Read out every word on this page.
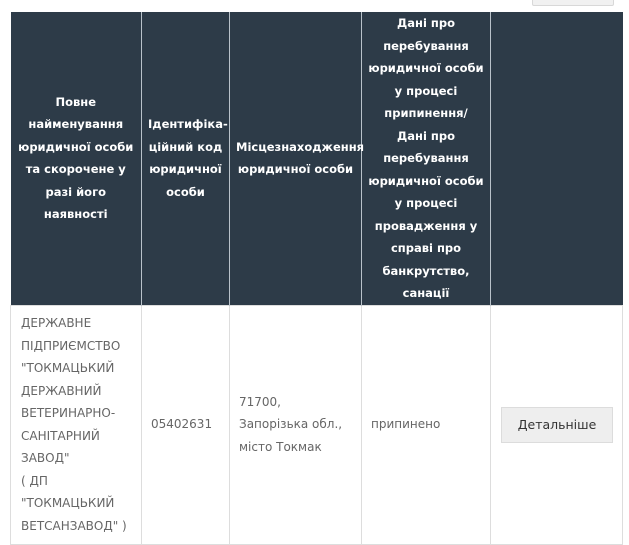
Повне найменування юридичної особи та скорочене у разі його наявності	Ідентифіка-ційний код юридичної особи	Місцезнаходження юридичної особи	Дані про перебування юридичної особи у процесі припинення/ Дані про перебування юридичної особи у процесі провадження у справі про банкрутство, санації	

ДЕРЖАВНЕ ПІДПРИЄМСТВО "ТОКМАЦЬКИЙ ДЕРЖАВНИЙ ВЕТЕРИНАРНО-САНІТАРНИЙ ЗАВОД"
( ДП "ТОКМАЦЬКИЙ ВЕТСАНЗАВОД" )	05402631	71700, Запорізька обл., місто Токмак	припинено	Детальніше
